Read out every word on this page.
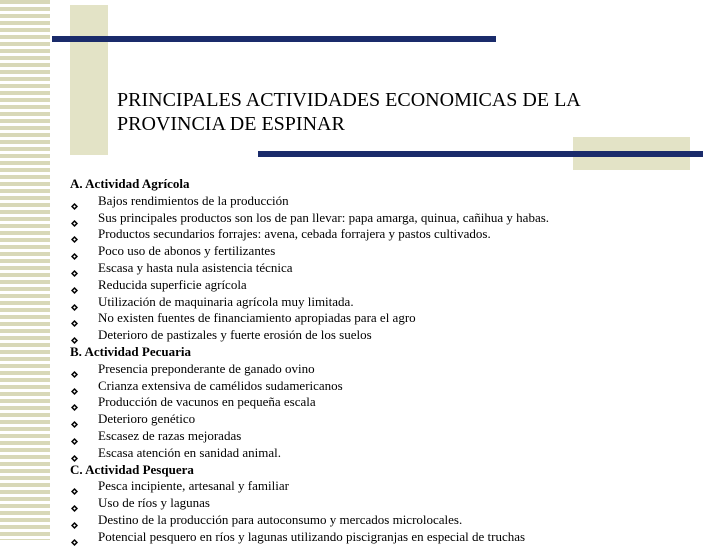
PRINCIPALES ACTIVIDADES ECONOMICAS DE LA
PROVINCIA DE ESPINAR
A. Actividad Agrícola
Bajos rendimientos de la producción
Sus principales productos son los de pan llevar: papa amarga, quinua, cañihua y habas.
Productos secundarios forrajes: avena, cebada forrajera y pastos cultivados.
Poco uso de abonos y fertilizantes
Escasa y hasta nula asistencia técnica
Reducida superficie agrícola
Utilización de maquinaria agrícola muy limitada.
No existen fuentes de financiamiento apropiadas para el agro
Deterioro de pastizales y fuerte erosión de los suelos
B. Actividad Pecuaria
Presencia preponderante de ganado ovino
Crianza extensiva de camélidos sudamericanos
Producción de vacunos en pequeña escala
Deterioro genético
Escasez de razas mejoradas
Escasa atención en sanidad animal.
C. Actividad Pesquera
Pesca incipiente, artesanal y familiar
Uso de ríos y lagunas
Destino de la producción para autoconsumo y mercados microlocales.
Potencial pesquero en ríos y lagunas utilizando piscigranjas en especial de truchas
